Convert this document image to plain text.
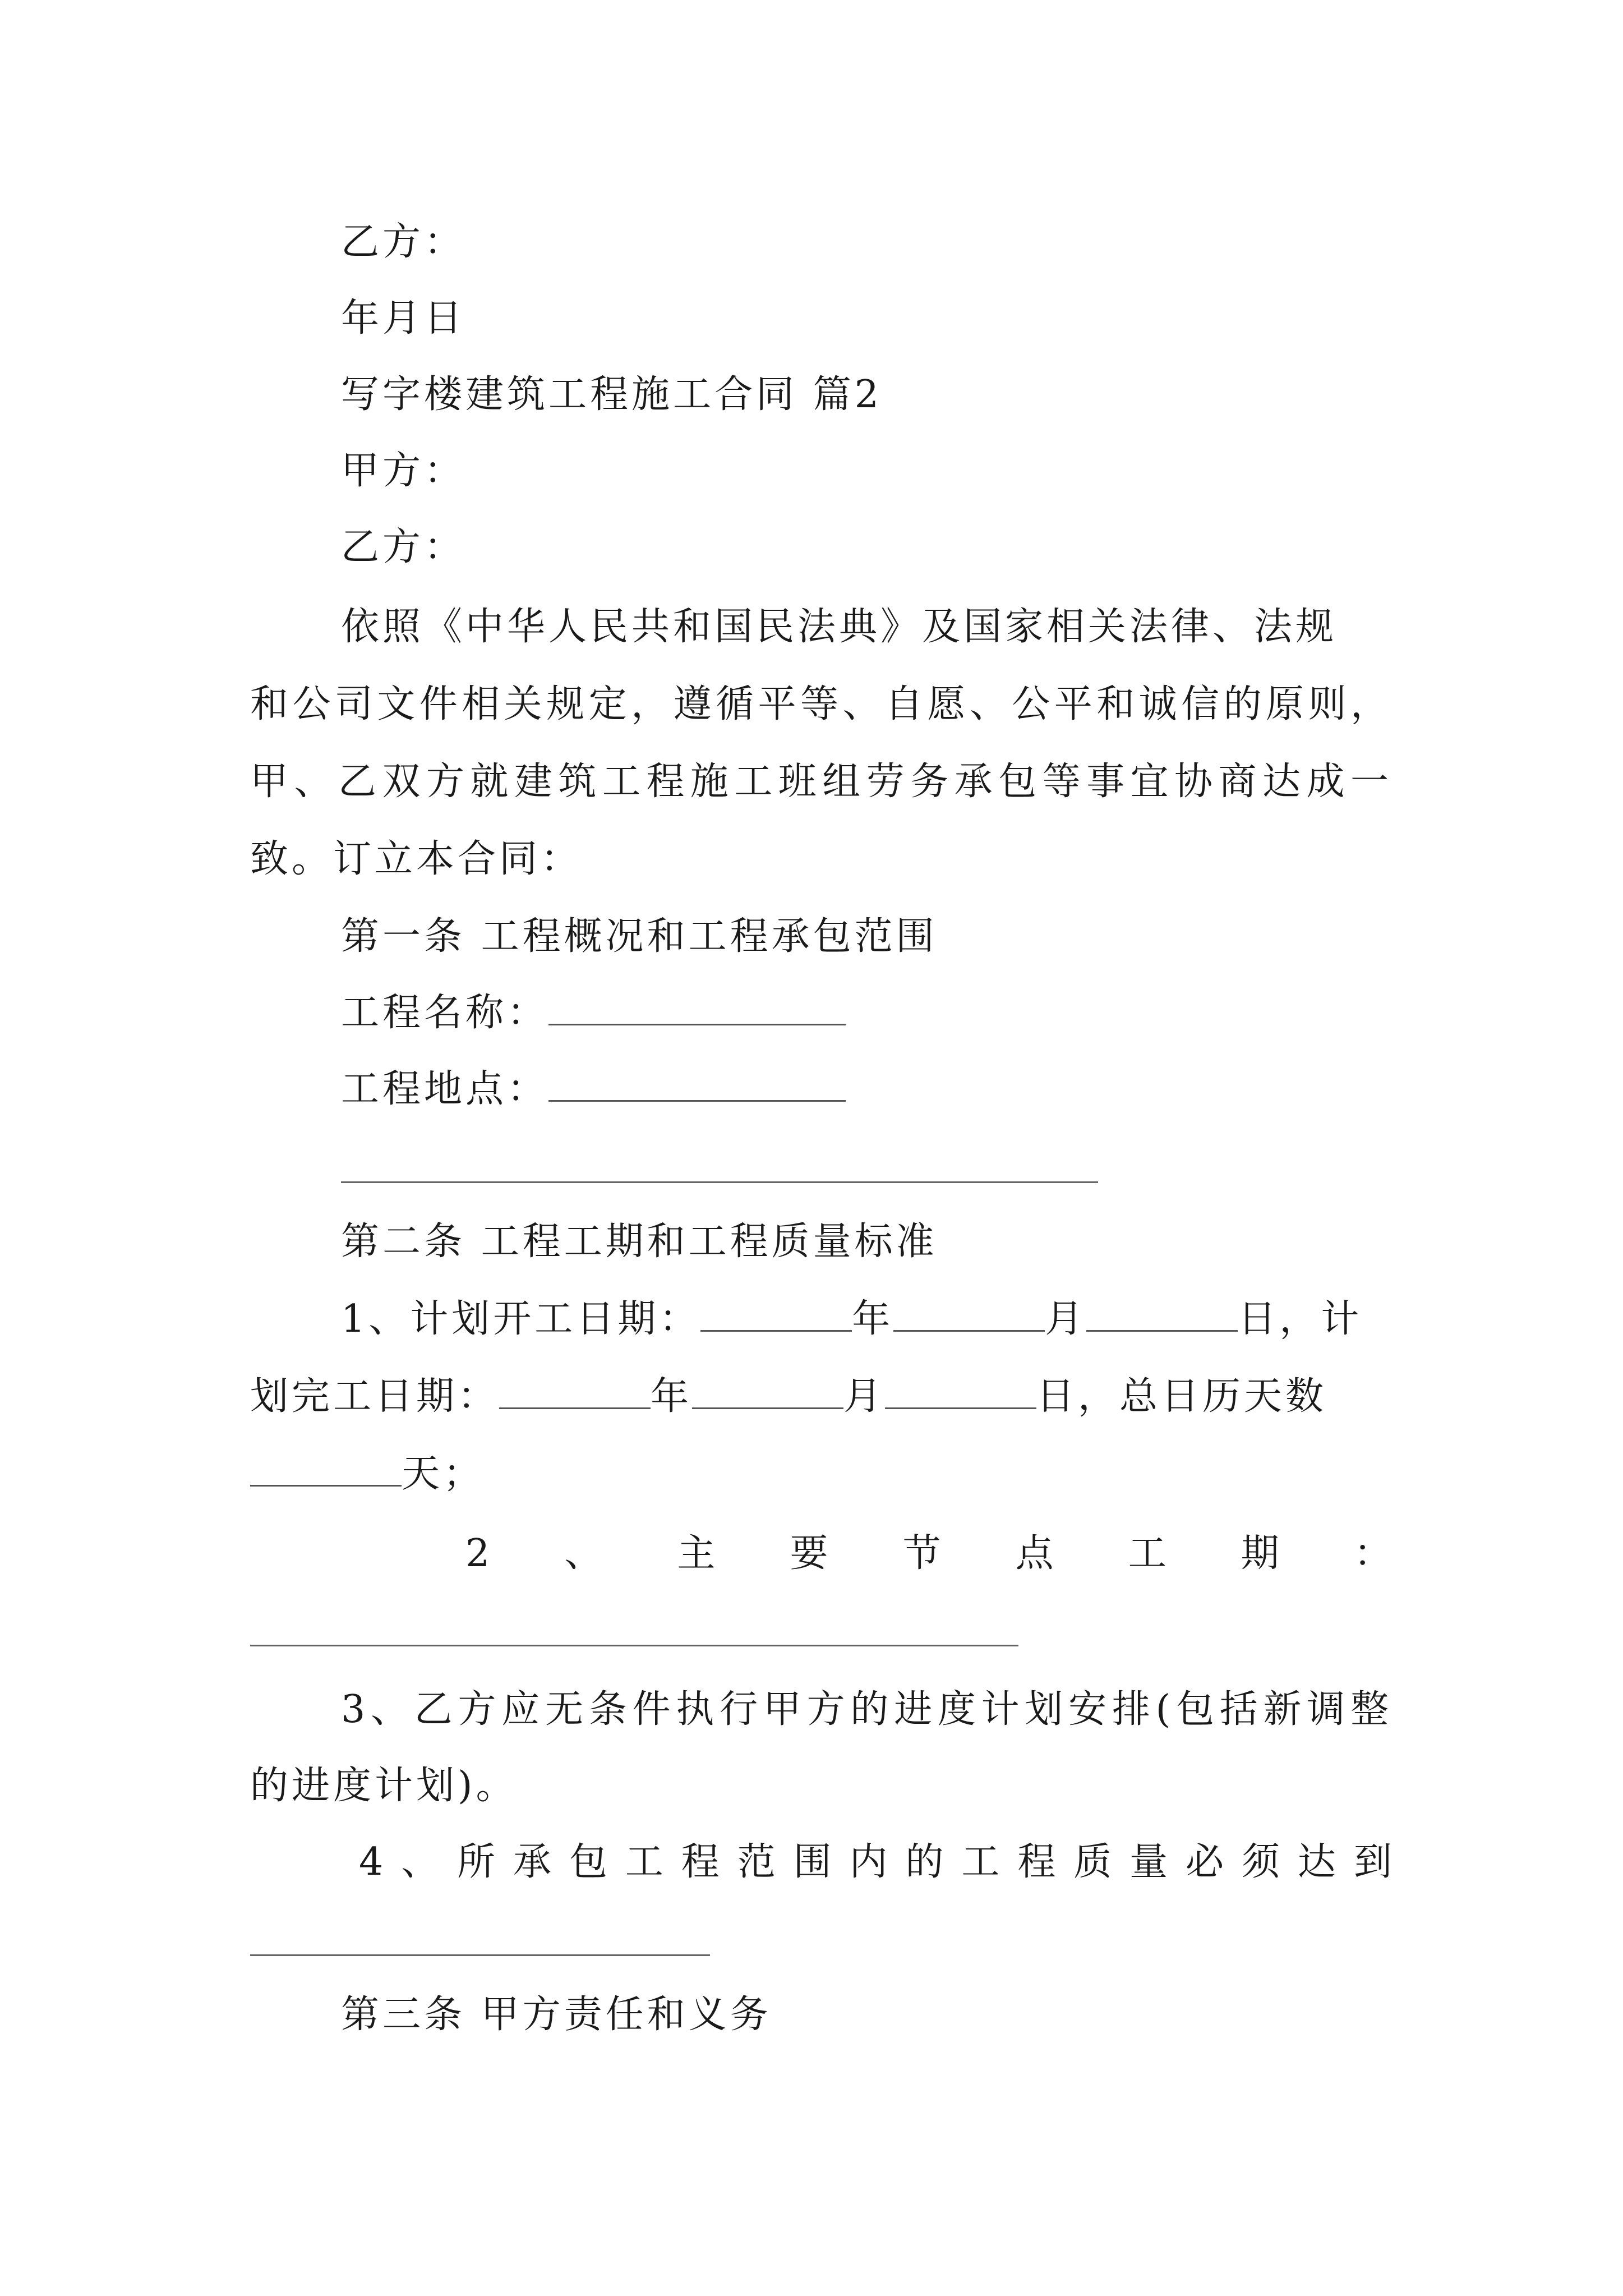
乙方：

年月日

写字楼建筑工程施工合同 篇2

甲方：

乙方：

依照《中华人民共和国民法典》及国家相关法律、法规

和公司文件相关规定，遵循平等、自愿、公平和诚信的原则，

甲、乙双方就建筑工程施工班组劳务承包等事宜协商达成一

致。订立本合同：

第一条 工程概况和工程承包范围

工程名称：

工程地点：

第二条 工程工期和工程质量标准

1、计划开工日期：	年	月	日，计

划完工日期：	年	月	日，总日历天数

天；

2 、 主 要 节 点 工 期 ：

3、乙方应无条件执行甲方的进度计划安排(包括新调整

的进度计划)。

4 、 所 承 包 工 程 范 围 内 的 工 程 质 量 必 须 达 到

第三条 甲方责任和义务
